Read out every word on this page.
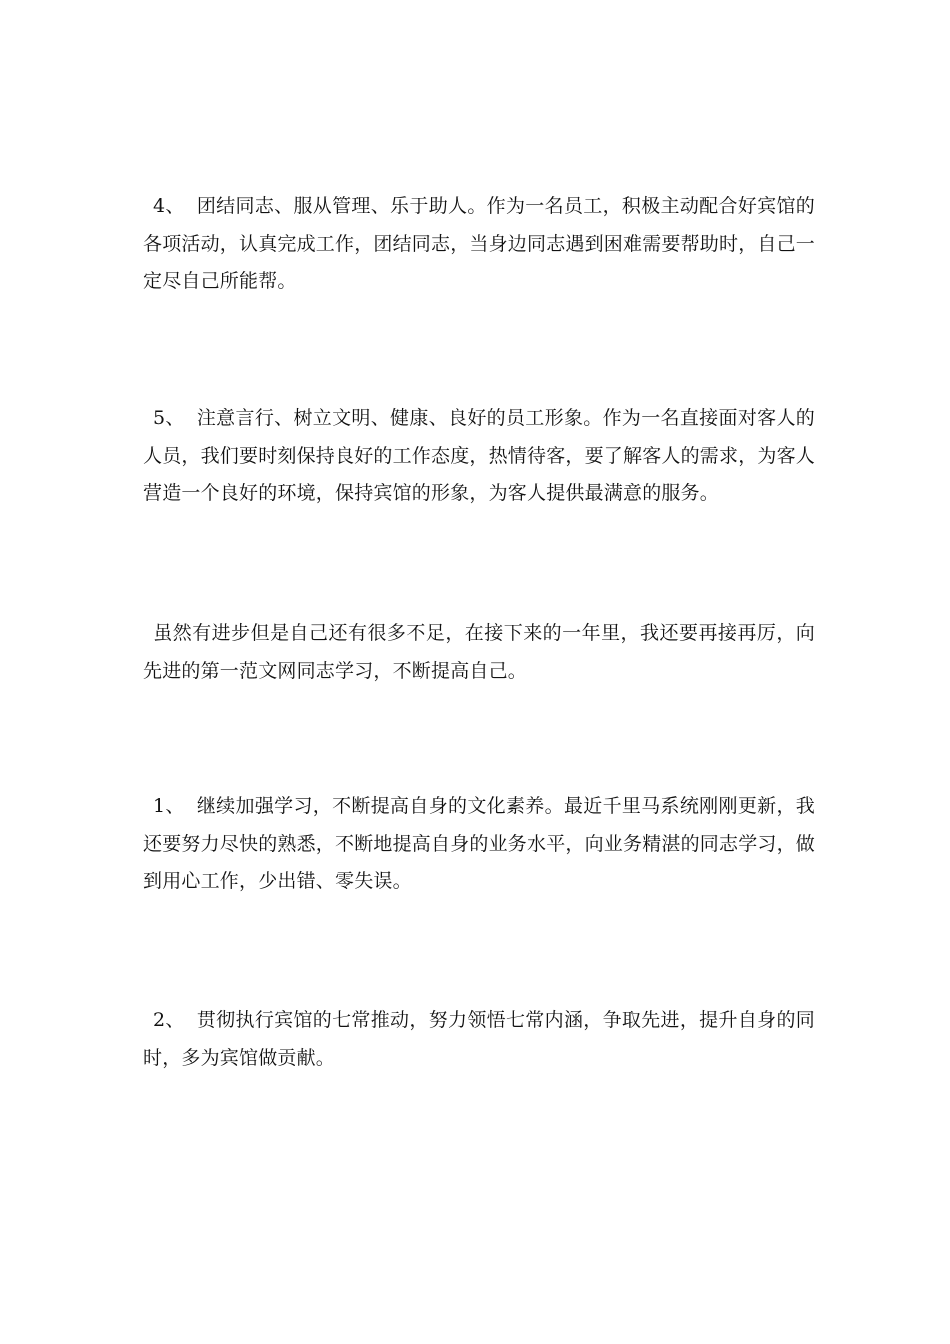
4、 团结同志、服从管理、乐于助人。作为一名员工，积极主动配合好宾馆的各项活动，认真完成工作，团结同志，当身边同志遇到困难需要帮助时，自己一定尽自己所能帮。

5、 注意言行、树立文明、健康、良好的员工形象。作为一名直接面对客人的人员，我们要时刻保持良好的工作态度，热情待客，要了解客人的需求，为客人营造一个良好的环境，保持宾馆的形象，为客人提供最满意的服务。

虽然有进步但是自己还有很多不足，在接下来的一年里，我还要再接再厉，向先进的第一范文网同志学习，不断提高自己。

1、 继续加强学习，不断提高自身的文化素养。最近千里马系统刚刚更新，我还要努力尽快的熟悉，不断地提高自身的业务水平，向业务精湛的同志学习，做到用心工作，少出错、零失误。

2、 贯彻执行宾馆的七常推动，努力领悟七常内涵，争取先进，提升自身的同时，多为宾馆做贡献。
